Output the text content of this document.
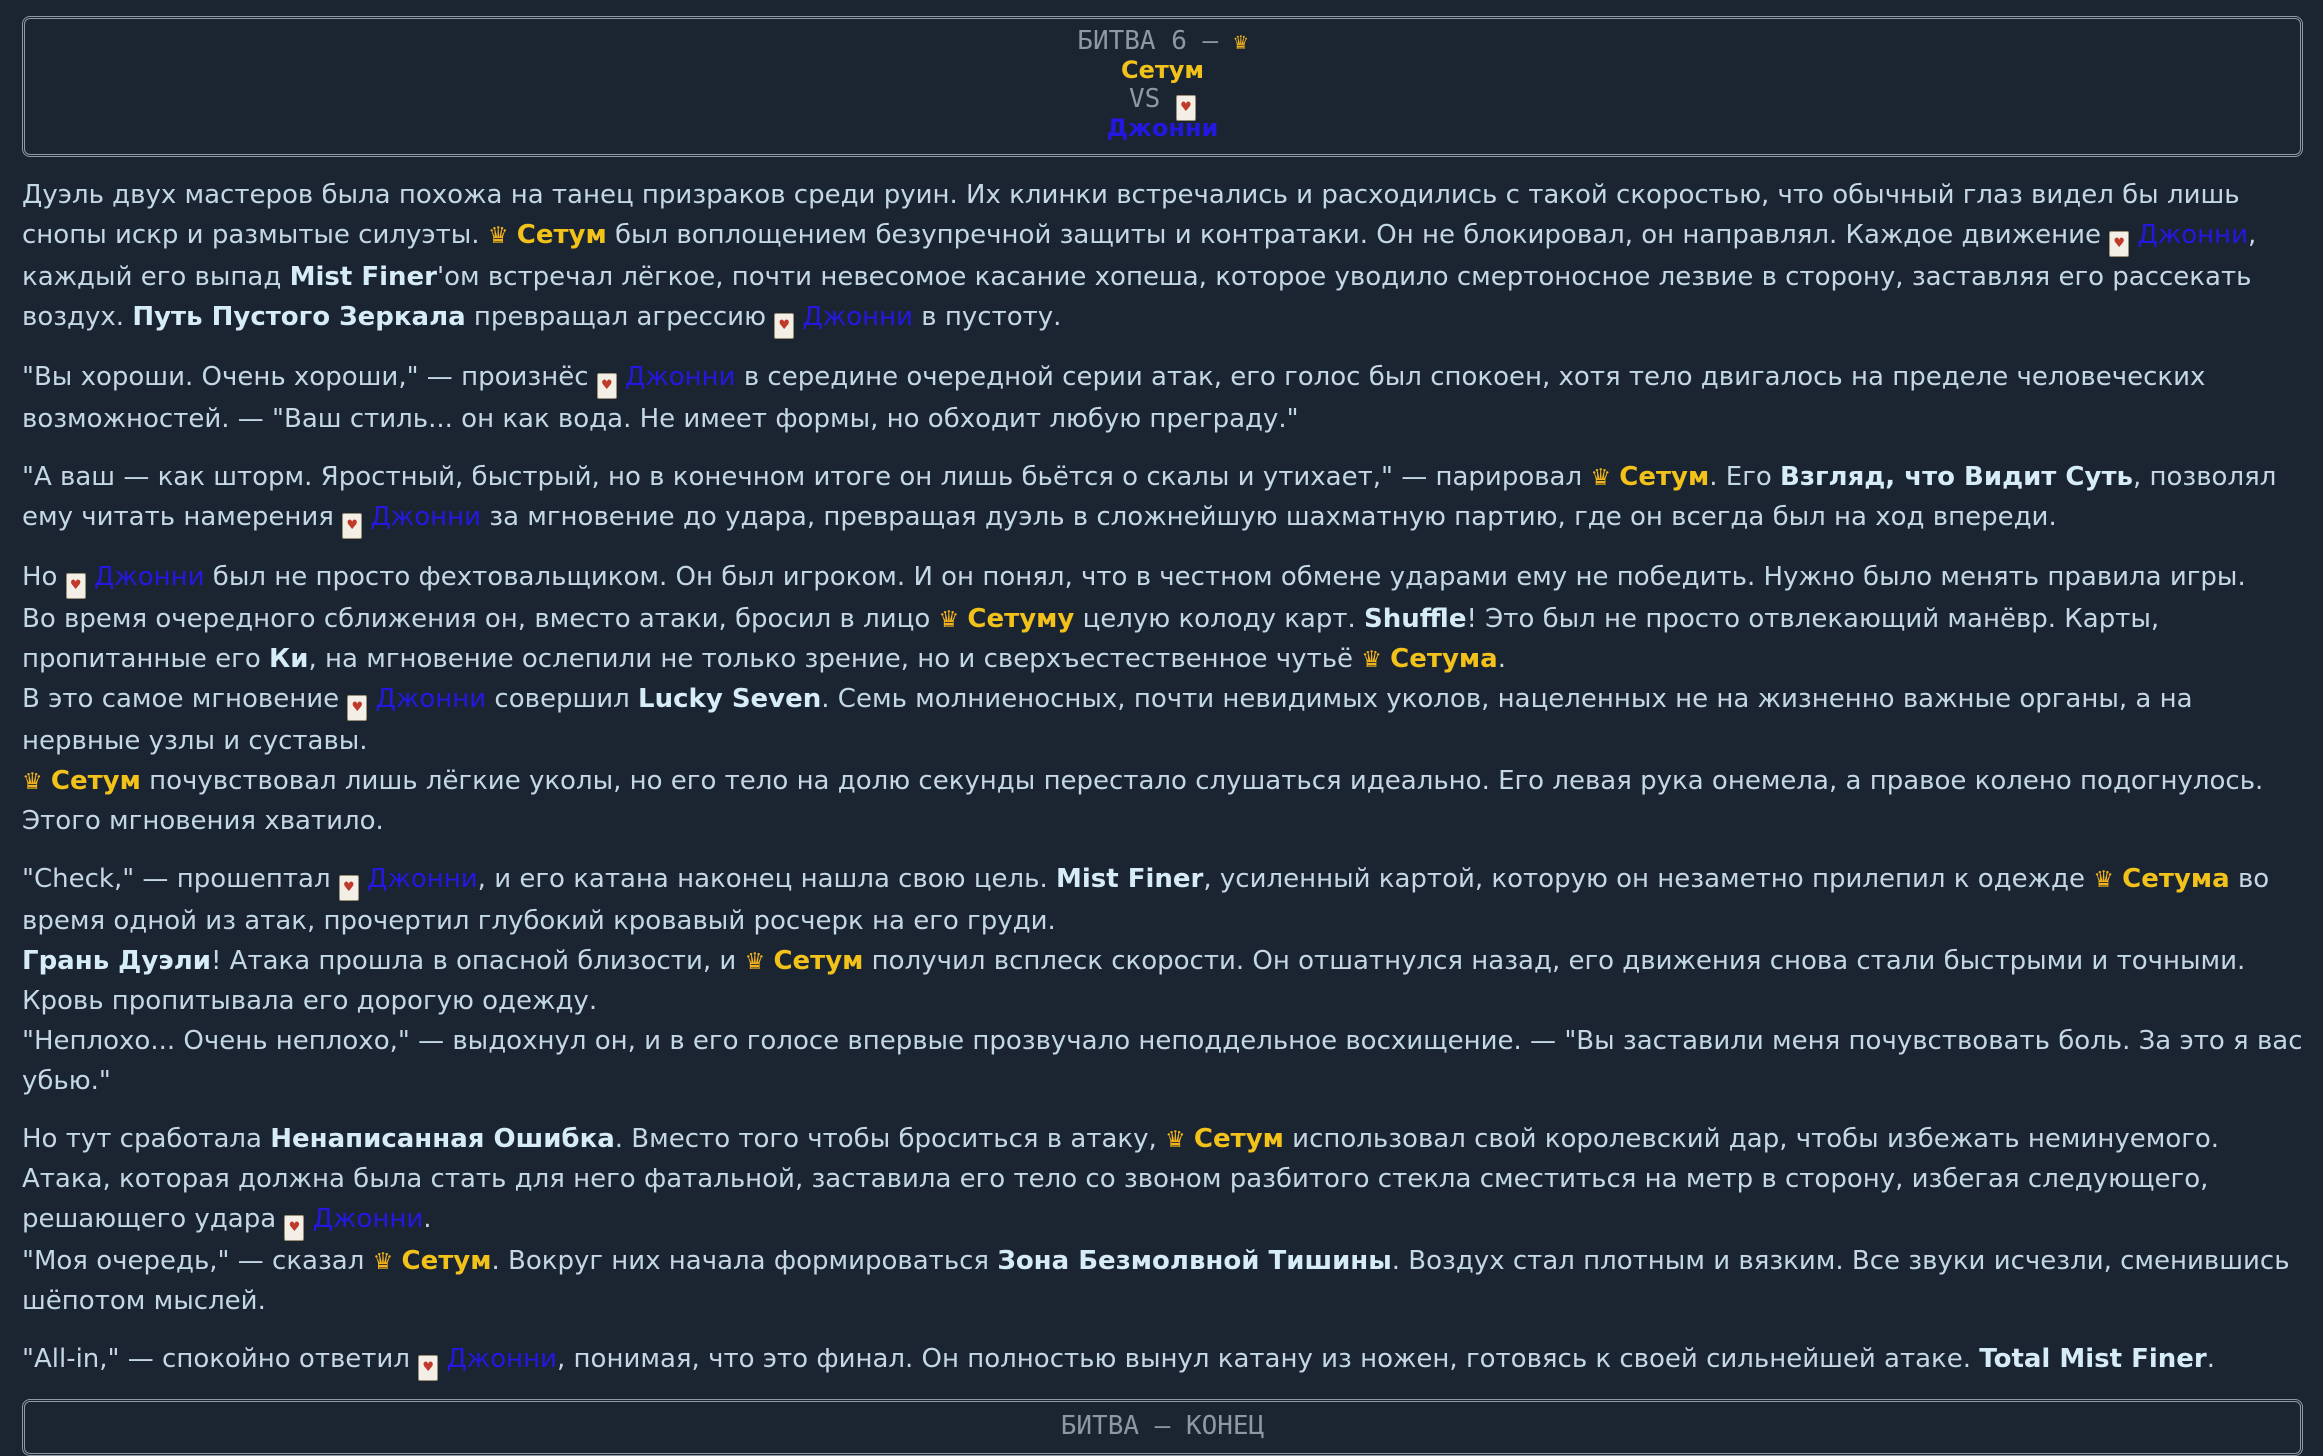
БИТВА 6 – ♛
Сетум
VS ♥
Джонни

Дуэль двух мастеров была похожа на танец призраков среди руин. Их клинки встречались и расходились с такой скоростью, что обычный глаз видел бы лишь снопы искр и размытые силуэты. ♛ Сетум был воплощением безупречной защиты и контратаки. Он не блокировал, он направлял. Каждое движение ♥ Джонни, каждый его выпад Mist Finer'ом встречал лёгкое, почти невесомое касание хопеша, которое уводило смертоносное лезвие в сторону, заставляя его рассекать воздух. Путь Пустого Зеркала превращал агрессию ♥ Джонни в пустоту.

"Вы хороши. Очень хороши," — произнёс ♥ Джонни в середине очередной серии атак, его голос был спокоен, хотя тело двигалось на пределе человеческих возможностей. — "Ваш стиль... он как вода. Не имеет формы, но обходит любую преграду."

"А ваш — как шторм. Яростный, быстрый, но в конечном итоге он лишь бьётся о скалы и утихает," — парировал ♛ Сетум. Его Взгляд, что Видит Суть, позволял ему читать намерения ♥ Джонни за мгновение до удара, превращая дуэль в сложнейшую шахматную партию, где он всегда был на ход впереди.

Но ♥ Джонни был не просто фехтовальщиком. Он был игроком. И он понял, что в честном обмене ударами ему не победить. Нужно было менять правила игры.

Во время очередного сближения он, вместо атаки, бросил в лицо ♛ Сетуму целую колоду карт. Shuffle! Это был не просто отвлекающий манёвр. Карты, пропитанные его Ки, на мгновение ослепили не только зрение, но и сверхъестественное чутьё ♛ Сетума.

В это самое мгновение ♥ Джонни совершил Lucky Seven. Семь молниеносных, почти невидимых уколов, нацеленных не на жизненно важные органы, а на нервные узлы и суставы.

♛ Сетум почувствовал лишь лёгкие уколы, но его тело на долю секунды перестало слушаться идеально. Его левая рука онемела, а правое колено подогнулось. Этого мгновения хватило.

"Check," — прошептал ♥ Джонни, и его катана наконец нашла свою цель. Mist Finer, усиленный картой, которую он незаметно прилепил к одежде ♛ Сетума во время одной из атак, прочертил глубокий кровавый росчерк на его груди.

Грань Дуэли! Атака прошла в опасной близости, и ♛ Сетум получил всплеск скорости. Он отшатнулся назад, его движения снова стали быстрыми и точными. Кровь пропитывала его дорогую одежду.

"Неплохо... Очень неплохо," — выдохнул он, и в его голосе впервые прозвучало неподдельное восхищение. — "Вы заставили меня почувствовать боль. За это я вас убью."

Но тут сработала Ненаписанная Ошибка. Вместо того чтобы броситься в атаку, ♛ Сетум использовал свой королевский дар, чтобы избежать неминуемого. Атака, которая должна была стать для него фатальной, заставила его тело со звоном разбитого стекла сместиться на метр в сторону, избегая следующего, решающего удара ♥ Джонни.

"Моя очередь," — сказал ♛ Сетум. Вокруг них начала формироваться Зона Безмолвной Тишины. Воздух стал плотным и вязким. Все звуки исчезли, сменившись шёпотом мыслей.

"All-in," — спокойно ответил ♥ Джонни, понимая, что это финал. Он полностью вынул катану из ножен, готовясь к своей сильнейшей атаке. Total Mist Finer.

БИТВА – КОНЕЦ
